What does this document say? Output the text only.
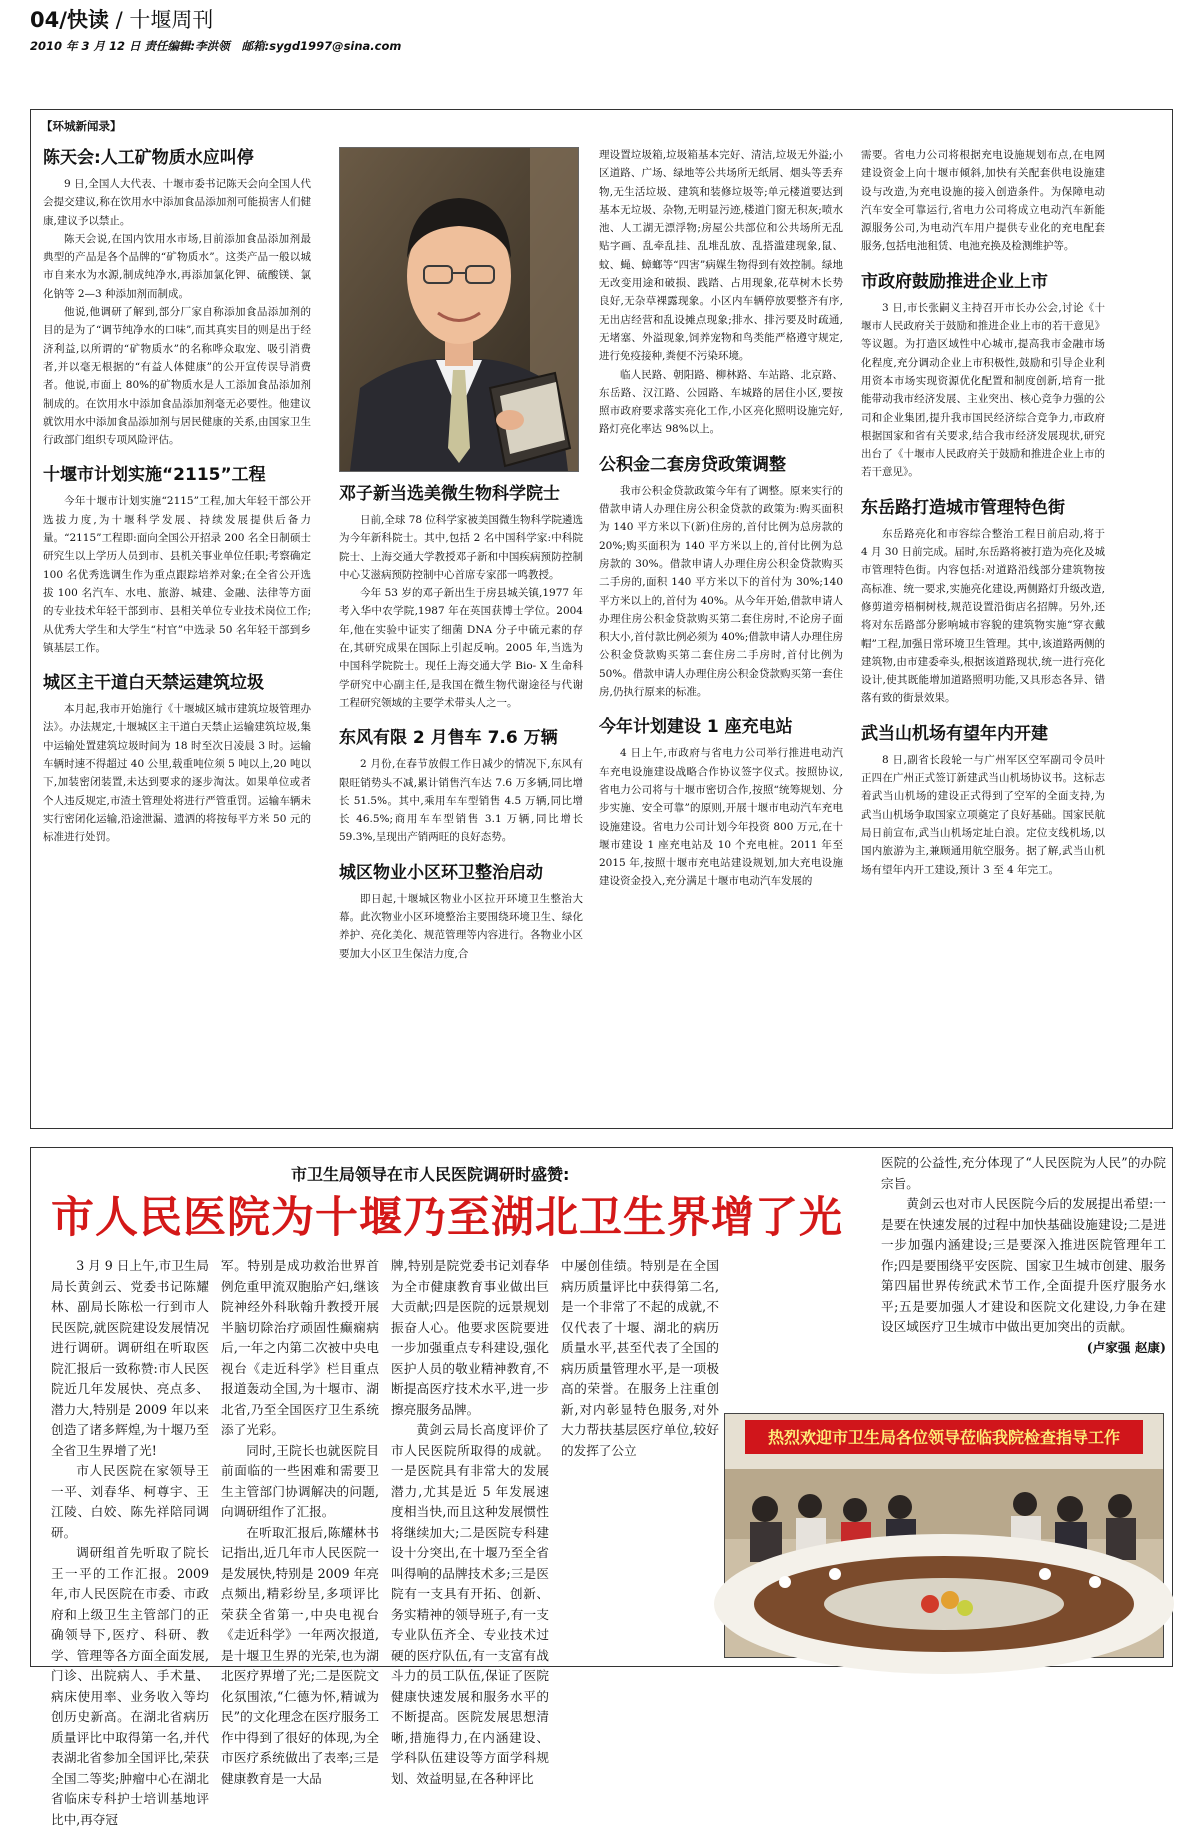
04/快读 / 十堰周刊
2010 年 3 月 12 日 责任编辑:李洪领 邮箱:sygd1997@sina.com
【环城新闻录】
陈天会:人工矿物质水应叫停

9 日,全国人大代表、十堰市委书记陈天会向全国人代会提交建议,称在饮用水中添加食品添加剂可能损害人们健康,建议予以禁止。

陈天会说,在国内饮用水市场,目前添加食品添加剂最典型的产品是各个品牌的“矿物质水”。这类产品一般以城市自来水为水源,制成纯净水,再添加氯化钾、硫酸镁、氯化钠等 2—3 种添加剂而制成。

他说,他调研了解到,部分厂家自称添加食品添加剂的目的是为了“调节纯净水的口味”,而其真实目的则是出于经济利益,以所谓的“矿物质水”的名称哗众取宠、吸引消费者,并以毫无根据的“有益人体健康”的公开宣传误导消费者。他说,市面上 80%的矿物质水是人工添加食品添加剂制成的。在饮用水中添加食品添加剂毫无必要性。他建议就饮用水中添加食品添加剂与居民健康的关系,由国家卫生行政部门组织专项风险评估。

十堰市计划实施“2115”工程

今年十堰市计划实施“2115”工程,加大年轻干部公开选拔力度,为十堰科学发展、持续发展提供后备力量。“2115”工程即:面向全国公开招录 200 名全日制硕士研究生以上学历人员到市、县机关事业单位任职;考察确定 100 名优秀选调生作为重点跟踪培养对象;在全省公开选拔 100 名汽车、水电、旅游、城建、金融、法律等方面的专业技术年轻干部到市、县相关单位专业技术岗位工作;从优秀大学生和大学生“村官”中选录 50 名年轻干部到乡镇基层工作。

城区主干道白天禁运建筑垃圾

本月起,我市开始施行《十堰城区城市建筑垃圾管理办法》。办法规定,十堰城区主干道白天禁止运输建筑垃圾,集中运输处置建筑垃圾时间为 18 时至次日凌晨 3 时。运输车辆时速不得超过 40 公里,载重吨位须 5 吨以上,20 吨以下,加装密闭装置,未达到要求的逐步淘汰。如果单位或者个人违反规定,市渣土管理处将进行严管重罚。运输车辆未实行密闭化运输,沿途泄漏、遗洒的将按每平方米 50 元的标准进行处罚。

邓子新当选美微生物科学院士

日前,全球 78 位科学家被美国微生物科学院遴选为今年新科院士。其中,包括 2 名中国科学家:中科院院士、上海交通大学教授邓子新和中国疾病预防控制中心艾滋病预防控制中心首席专家邵一鸣教授。

今年 53 岁的邓子新出生于房县城关镇,1977 年考入华中农学院,1987 年在英国获博士学位。2004 年,他在实验中证实了细菌 DNA 分子中硫元素的存在,其研究成果在国际上引起反响。2005 年,当选为中国科学院院士。现任上海交通大学 Bio- X 生命科学研究中心副主任,是我国在微生物代谢途径与代谢工程研究领域的主要学术带头人之一。

东风有限 2 月售车 7.6 万辆

2 月份,在春节放假工作日减少的情况下,东风有限旺销势头不减,累计销售汽车达 7.6 万多辆,同比增长 51.5%。其中,乘用车车型销售 4.5 万辆,同比增长 46.5%;商用车车型销售 3.1 万辆,同比增长 59.3%,呈现出产销两旺的良好态势。

城区物业小区环卫整治启动

即日起,十堰城区物业小区拉开环境卫生整治大幕。此次物业小区环境整治主要围绕环境卫生、绿化养护、亮化美化、规范管理等内容进行。各物业小区要加大小区卫生保洁力度,合

理设置垃圾箱,垃圾箱基本完好、清洁,垃圾无外溢;小区道路、广场、绿地等公共场所无纸屑、烟头等丢弃物,无生活垃圾、建筑和装修垃圾等;单元楼道要达到基本无垃圾、杂物,无明显污迹,楼道门窗无积灰;喷水池、人工湖无漂浮物;房屋公共部位和公共场所无乱贴字画、乱牵乱挂、乱堆乱放、乱搭滥建现象,鼠、蚊、蝇、蟑螂等“四害”病媒生物得到有效控制。绿地无改变用途和破损、践踏、占用现象,花草树木长势良好,无杂草裸露现象。小区内车辆停放要整齐有序,无出店经营和乱设摊点现象;排水、排污要及时疏通,无堵塞、外溢现象,饲养宠物和鸟类能严格遵守规定,进行免疫接种,粪便不污染环境。

临人民路、朝阳路、柳林路、车站路、北京路、东岳路、汉江路、公园路、车城路的居住小区,要按照市政府要求落实亮化工作,小区亮化照明设施完好,路灯亮化率达 98%以上。

公积金二套房贷政策调整

我市公积金贷款政策今年有了调整。原来实行的借款申请人办理住房公积金贷款的政策为:购买面积为 140 平方米以下(新)住房的,首付比例为总房款的 20%;购买面积为 140 平方米以上的,首付比例为总房款的 30%。借款申请人办理住房公积金贷款购买二手房的,面积 140 平方米以下的首付为 30%;140 平方米以上的,首付为 40%。从今年开始,借款申请人办理住房公积金贷款购买第二套住房时,不论房子面积大小,首付款比例必须为 40%;借款申请人办理住房公积金贷款购买第二套住房二手房时,首付比例为 50%。借款申请人办理住房公积金贷款购买第一套住房,仍执行原来的标准。

今年计划建设 1 座充电站

4 日上午,市政府与省电力公司举行推进电动汽车充电设施建设战略合作协议签字仪式。按照协议,省电力公司将与十堰市密切合作,按照“统筹规划、分步实施、安全可靠”的原则,开展十堰市电动汽车充电设施建设。省电力公司计划今年投资 800 万元,在十堰市建设 1 座充电站及 10 个充电桩。2011 年至 2015 年,按照十堰市充电站建设规划,加大充电设施建设资金投入,充分满足十堰市电动汽车发展的

需要。省电力公司将根据充电设施规划布点,在电网建设资金上向十堰市倾斜,加快有关配套供电设施建设与改造,为充电设施的接入创造条件。为保障电动汽车安全可靠运行,省电力公司将成立电动汽车新能源服务公司,为电动汽车用户提供专业化的充电配套服务,包括电池租赁、电池充换及检测维护等。

市政府鼓励推进企业上市

3 日,市长张嗣义主持召开市长办公会,讨论《十堰市人民政府关于鼓励和推进企业上市的若干意见》等议题。为打造区域性中心城市,提高我市金融市场化程度,充分调动企业上市积极性,鼓励和引导企业利用资本市场实现资源优化配置和制度创新,培育一批能带动我市经济发展、主业突出、核心竞争力强的公司和企业集团,提升我市国民经济综合竞争力,市政府根据国家和省有关要求,结合我市经济发展现状,研究出台了《十堰市人民政府关于鼓励和推进企业上市的若干意见》。

东岳路打造城市管理特色街

东岳路亮化和市容综合整治工程日前启动,将于 4 月 30 日前完成。届时,东岳路将被打造为亮化及城市管理特色街。内容包括:对道路沿线部分建筑物按高标准、统一要求,实施亮化建设,两侧路灯升级改造,修剪道旁梧桐树枝,规范设置沿街店名招牌。另外,还将对东岳路部分影响城市容貌的建筑物实施“穿衣戴帽”工程,加强日常环境卫生管理。其中,该道路两侧的建筑物,由市建委牵头,根据该道路现状,统一进行亮化设计,使其既能增加道路照明功能,又具形态各异、错落有致的街景效果。

武当山机场有望年内开建

8 日,副省长段轮一与广州军区空军副司令员叶正四在广州正式签订新建武当山机场协议书。这标志着武当山机场的建设正式得到了空军的全面支持,为武当山机场争取国家立项奠定了良好基础。国家民航局日前宣布,武当山机场定址白浪。定位支线机场,以国内旅游为主,兼顾通用航空服务。据了解,武当山机场有望年内开工建设,预计 3 至 4 年完工。

市卫生局领导在市人民医院调研时盛赞:
市人民医院为十堰乃至湖北卫生界增了光

3 月 9 日上午,市卫生局局长黄剑云、党委书记陈耀林、副局长陈松一行到市人民医院,就医院建设发展情况进行调研。调研组在听取医院汇报后一致称赞:市人民医院近几年发展快、亮点多、潜力大,特别是 2009 年以来创造了诸多辉煌,为十堰乃至全省卫生界增了光!

市人民医院在家领导王一平、刘春华、柯尊宇、王江陵、白姣、陈先祥陪同调研。

调研组首先听取了院长王一平的工作汇报。2009 年,市人民医院在市委、市政府和上级卫生主管部门的正确领导下,医疗、科研、教学、管理等各方面全面发展,门诊、出院病人、手术量、病床使用率、业务收入等均创历史新高。在湖北省病历质量评比中取得第一名,并代表湖北省参加全国评比,荣获全国二等奖;肿瘤中心在湖北省临床专科护士培训基地评比中,再夺冠

军。特别是成功救治世界首例危重甲流双胞胎产妇,继该院神经外科耿翰升教授开展半脑切除治疗顽固性癫痫病后,一年之内第二次被中央电视台《走近科学》栏目重点报道轰动全国,为十堰市、湖北省,乃至全国医疗卫生系统添了光彩。

同时,王院长也就医院目前面临的一些困难和需要卫生主管部门协调解决的问题,向调研组作了汇报。

在听取汇报后,陈耀林书记指出,近几年市人民医院一是发展快,特别是 2009 年亮点频出,精彩纷呈,多项评比荣获全省第一,中央电视台《走近科学》一年两次报道,是十堰卫生界的光荣,也为湖北医疗界增了光;二是医院文化氛围浓,“仁德为怀,精诚为民”的文化理念在医疗服务工作中得到了很好的体现,为全市医疗系统做出了表率;三是健康教育是一大品

牌,特别是院党委书记刘春华为全市健康教育事业做出巨大贡献;四是医院的远景规划振奋人心。他要求医院要进一步加强重点专科建设,强化医护人员的敬业精神教育,不断提高医疗技术水平,进一步擦亮服务品牌。

黄剑云局长高度评价了市人民医院所取得的成就。一是医院具有非常大的发展潜力,尤其是近 5 年发展速度相当快,而且这种发展惯性将继续加大;二是医院专科建设十分突出,在十堰乃至全省叫得响的品牌技术多;三是医院有一支具有开拓、创新、务实精神的领导班子,有一支专业队伍齐全、专业技术过硬的医疗队伍,有一支富有战斗力的员工队伍,保证了医院健康快速发展和服务水平的不断提高。医院发展思想清晰,措施得力,在内涵建设、学科队伍建设等方面学科规划、效益明显,在各种评比

中屡创佳绩。特别是在全国病历质量评比中获得第二名,是一个非常了不起的成就,不仅代表了十堰、湖北的病历质量水平,甚至代表了全国的病历质量管理水平,是一项极高的荣誉。在服务上注重创新,对内彰显特色服务,对外大力帮扶基层医疗单位,较好的发挥了公立

医院的公益性,充分体现了“人民医院为人民”的办院宗旨。

黄剑云也对市人民医院今后的发展提出希望:一是要在快速发展的过程中加快基础设施建设;二是进一步加强内涵建设;三是要深入推进医院管理年工作;四是要围绕平安医院、国家卫生城市创建、服务第四届世界传统武术节工作,全面提升医疗服务水平;五是要加强人才建设和医院文化建设,力争在建设区域医疗卫生城市中做出更加突出的贡献。

(卢家强 赵康)

热烈欢迎市卫生局各位领导莅临我院检查指导工作
